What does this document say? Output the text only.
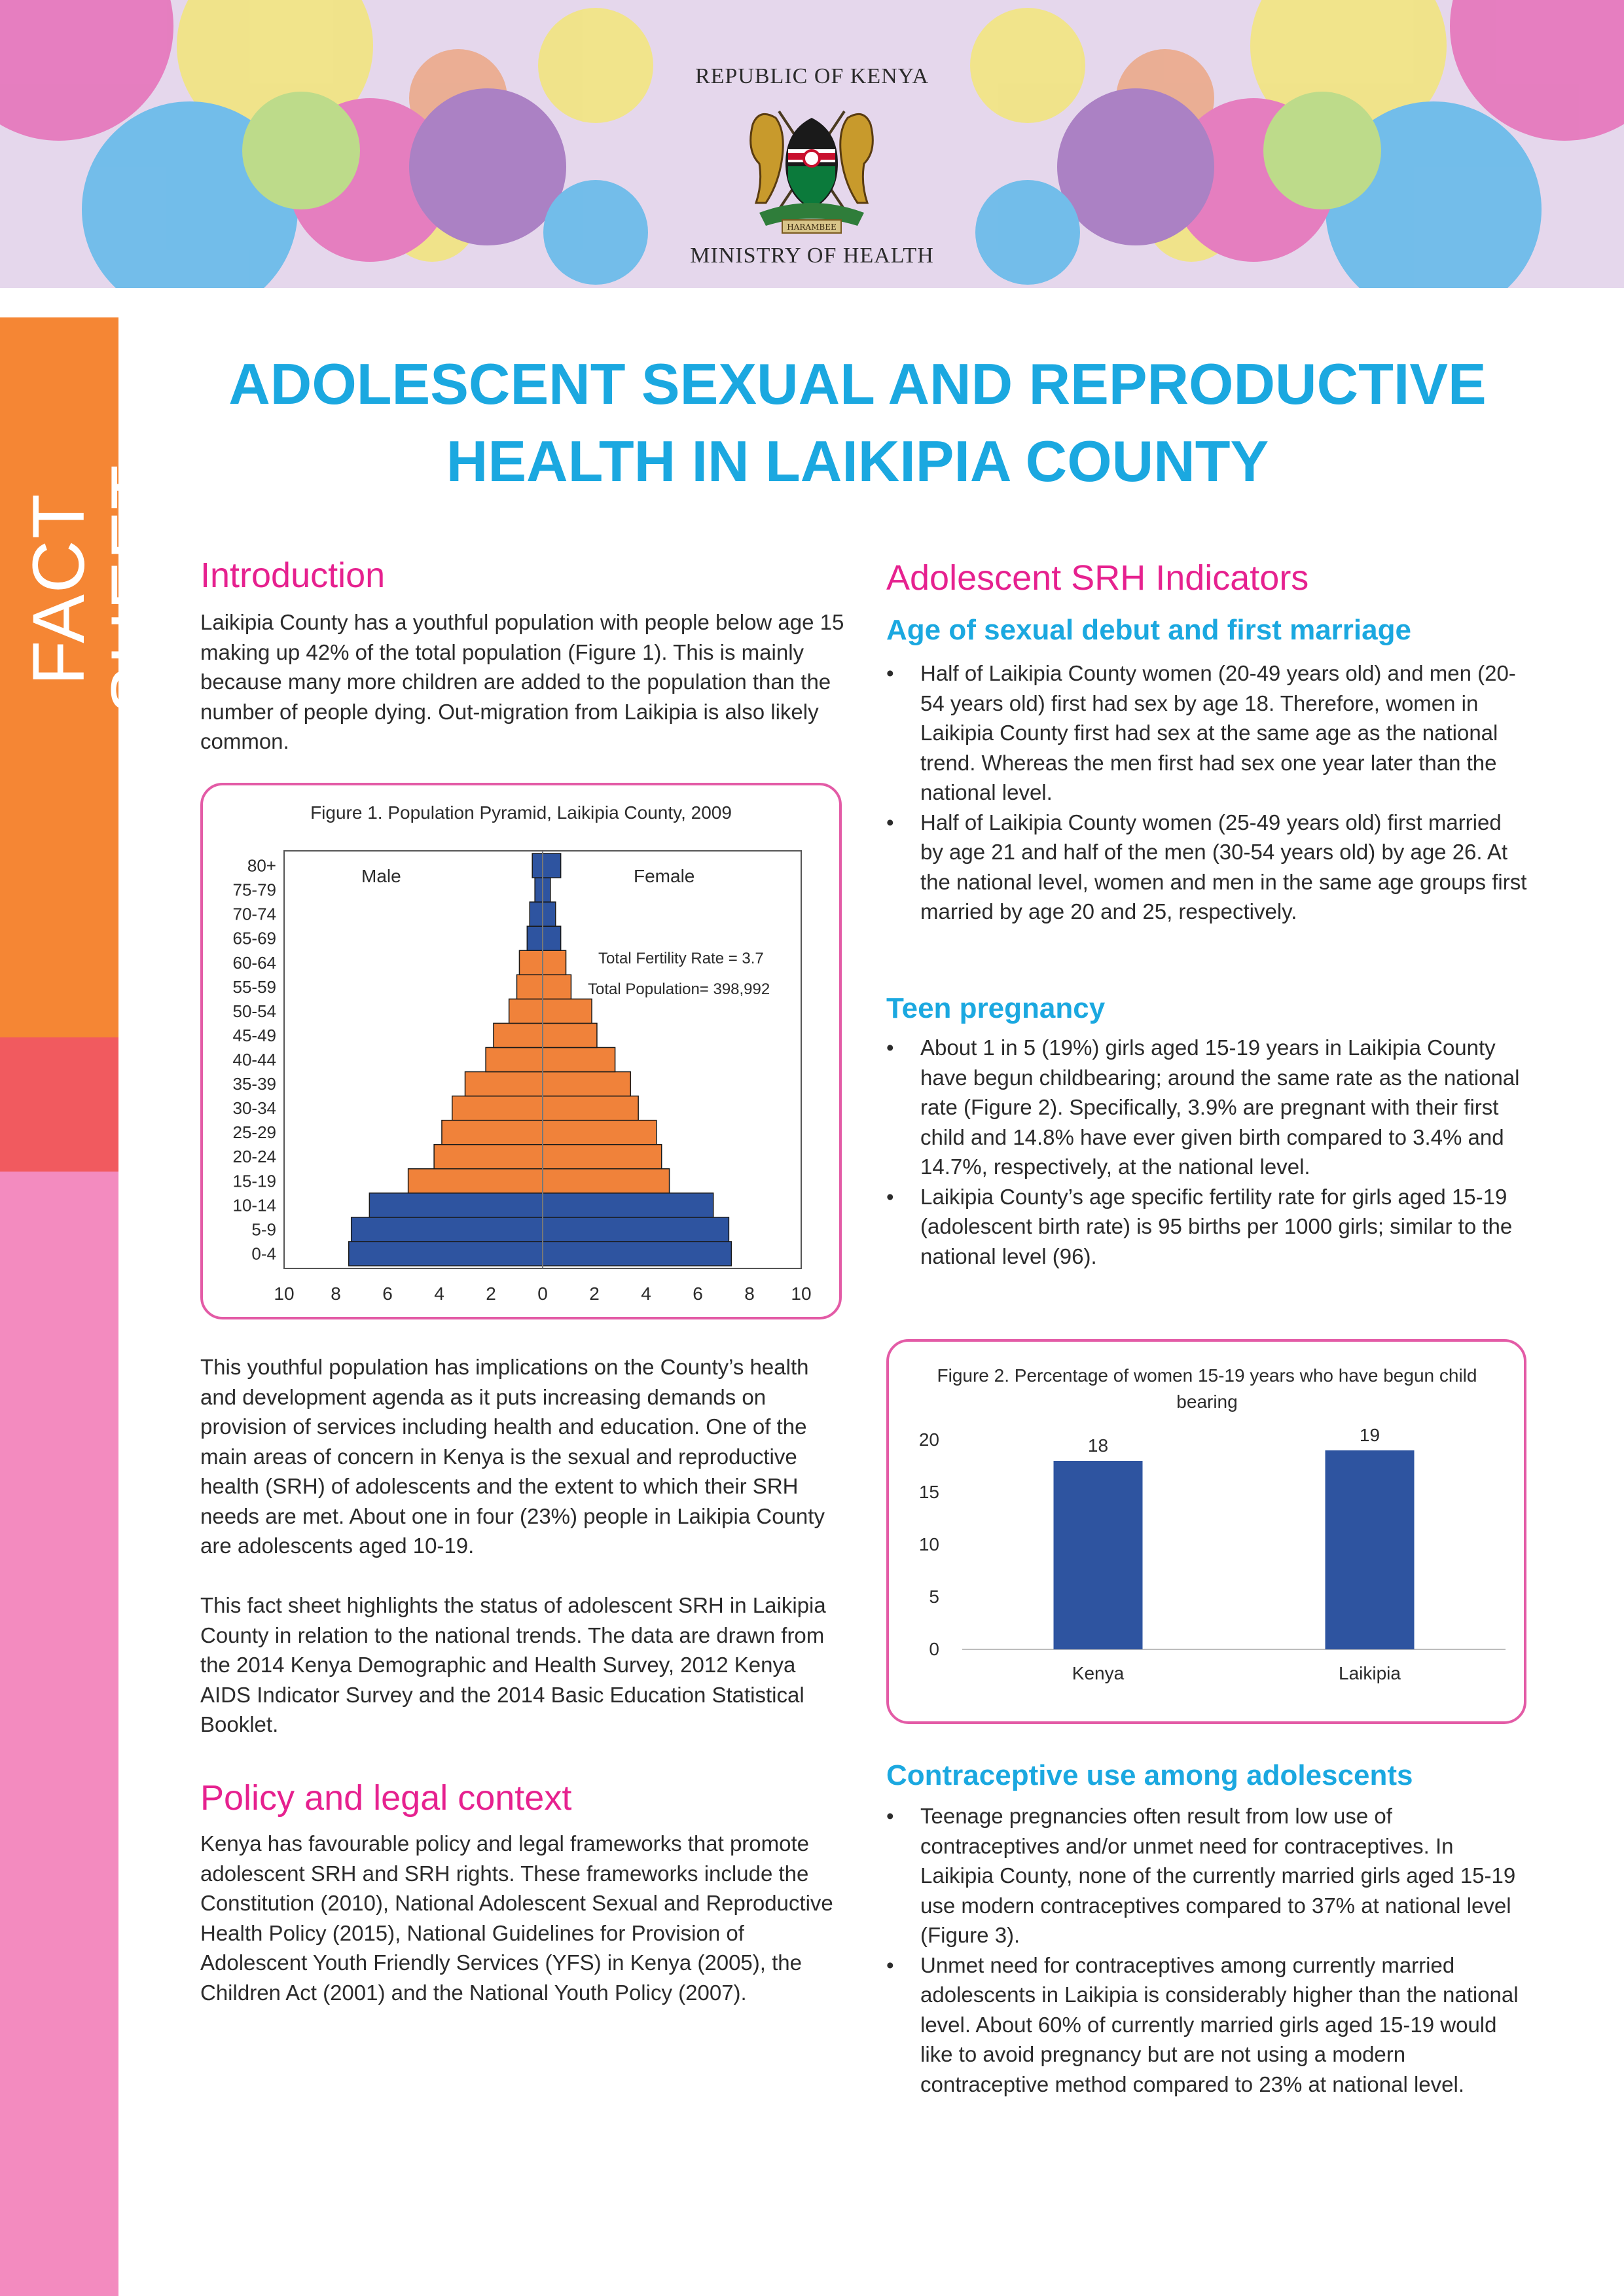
REPUBLIC OF KENYA
HARAMBEE
MINISTRY OF HEALTH
FACT SHEET
ADOLESCENT SEXUAL AND REPRODUCTIVE
HEALTH IN LAIKIPIA COUNTY
Introduction
Laikipia County has a youthful population with people below age 15 making up 42% of the total population (Figure 1). This is mainly because many more children are added to the population than the number of people dying. Out-migration from Laikipia is also likely common.
Figure 1. Population Pyramid, Laikipia County, 2009
0-4
5-9
10-14
15-19
20-24
25-29
30-34
35-39
40-44
45-49
50-54
55-59
60-64
65-69
70-74
75-79
80+
10 8 6 4 2 0 2 4 6 8 10
Male	Female
Total Fertility Rate = 3.7
Total Population= 398,992
This youthful population has implications on the County’s health and development agenda as it puts increasing demands on provision of services including health and education. One of the main areas of concern in Kenya is the sexual and reproductive health (SRH) of adolescents and the extent to which their SRH needs are met. About one in four (23%) people in Laikipia County are adolescents aged 10-19.
This fact sheet highlights the status of adolescent SRH in Laikipia County in relation to the national trends. The data are drawn from the 2014 Kenya Demographic and Health Survey, 2012 Kenya AIDS Indicator Survey and the 2014 Basic Education Statistical Booklet.
Policy and legal context
Kenya has favourable policy and legal frameworks that promote adolescent SRH and SRH rights. These frameworks include the Constitution (2010), National Adolescent Sexual and Reproductive Health Policy (2015), National Guidelines for Provision of Adolescent Youth Friendly Services (YFS) in Kenya (2005), the Children Act (2001) and the National Youth Policy (2007).
Adolescent SRH Indicators
Age of sexual debut and first marriage
• Half of Laikipia County women (20-49 years old) and men (20-54 years old) first had sex by age 18. Therefore, women in Laikipia County first had sex at the same age as the national trend. Whereas the men first had sex one year later than the national level.
• Half of Laikipia County women (25-49 years old) first married by age 21 and half of the men (30-54 years old) by age 26. At the national level, women and men in the same age groups first married by age 20 and 25, respectively.
Teen pregnancy
• About 1 in 5 (19%) girls aged 15-19 years in Laikipia County have begun childbearing; around the same rate as the national rate (Figure 2). Specifically, 3.9% are pregnant with their first child and 14.8% have ever given birth compared to 3.4% and 14.7%, respectively, at the national level.
• Laikipia County’s age specific fertility rate for girls aged 15-19 (adolescent birth rate) is 95 births per 1000 girls; similar to the national level (96).
Figure 2. Percentage of women 15-19 years who have begun child bearing
0
5
10
15
20	18
Kenya
19
Laikipia
Contraceptive use among adolescents
• Teenage pregnancies often result from low use of contraceptives and/or unmet need for contraceptives. In Laikipia County, none of the currently married girls aged 15-19 use modern contraceptives compared to 37% at national level (Figure 3).
• Unmet need for contraceptives among currently married adolescents in Laikipia is considerably higher than the national level. About 60% of currently married girls aged 15-19 would like to avoid pregnancy but are not using a modern contraceptive method compared to 23% at national level.
